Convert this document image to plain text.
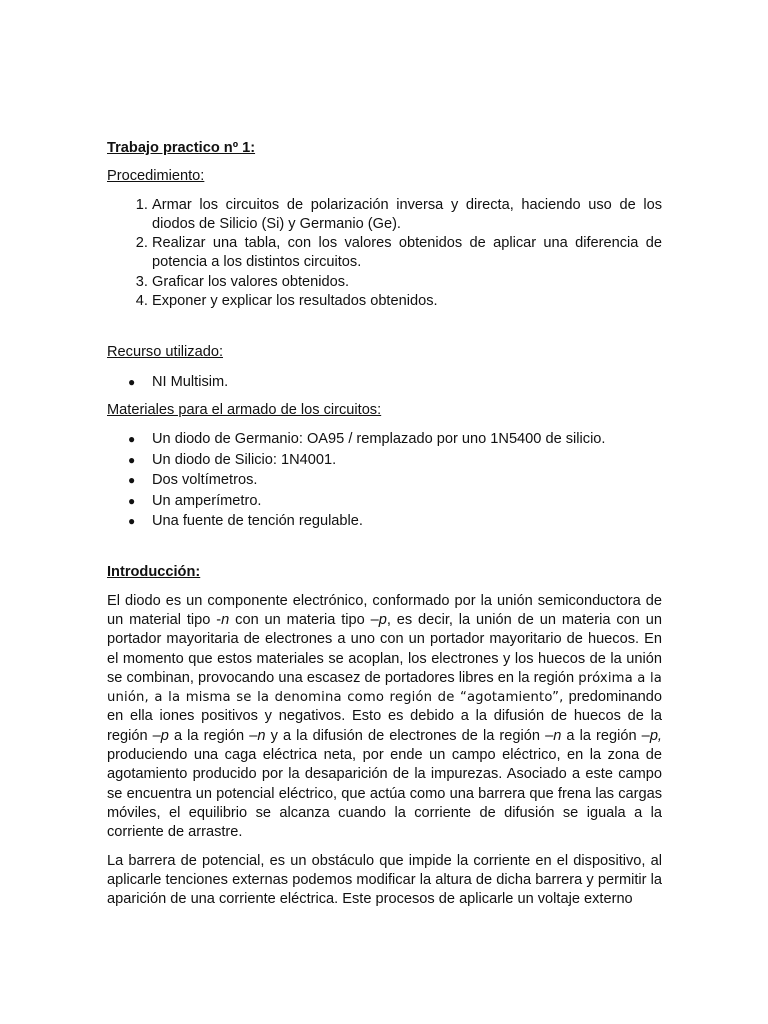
Trabajo practico nº 1:
Procedimiento:
1. Armar los circuitos de polarización inversa y directa, haciendo uso de los diodos de Silicio (Si) y Germanio (Ge).
2. Realizar una tabla, con los valores obtenidos de aplicar una diferencia de potencia a los distintos circuitos.
3. Graficar los valores obtenidos.
4. Exponer y explicar los resultados obtenidos.
Recurso utilizado:
● NI Multisim.
Materiales para el armado de los circuitos:
● Un diodo de Germanio: OA95 / remplazado por uno 1N5400 de silicio.
● Un diodo de Silicio: 1N4001.
● Dos voltímetros.
● Un amperímetro.
● Una fuente de tención regulable.
Introducción:

El diodo es un componente electrónico, conformado por la unión semiconductora de un material tipo -n con un materia tipo –p, es decir, la unión de un materia con un portador mayoritaria de electrones a uno con un portador mayoritario de huecos. En el momento que estos materiales se acoplan, los electrones y los huecos de la unión se combinan, provocando una escasez de portadores libres en la región próxima a la unión, a la misma se la denomina como región de “agotamiento”, predominando en ella iones positivos y negativos. Esto es debido a la difusión de huecos de la región –p a la región –n y a la difusión de electrones de la región –n a la región –p, produciendo una caga eléctrica neta, por ende un campo eléctrico, en la zona de agotamiento producido por la desaparición de la impurezas. Asociado a este campo se encuentra un potencial eléctrico, que actúa como una barrera que frena las cargas móviles, el equilibrio se alcanza cuando la corriente de difusión se iguala a la corriente de arrastre.

La barrera de potencial, es un obstáculo que impide la corriente en el dispositivo, al aplicarle tenciones externas podemos modificar la altura de dicha barrera y permitir la aparición de una corriente eléctrica. Este procesos de aplicarle un voltaje externo
